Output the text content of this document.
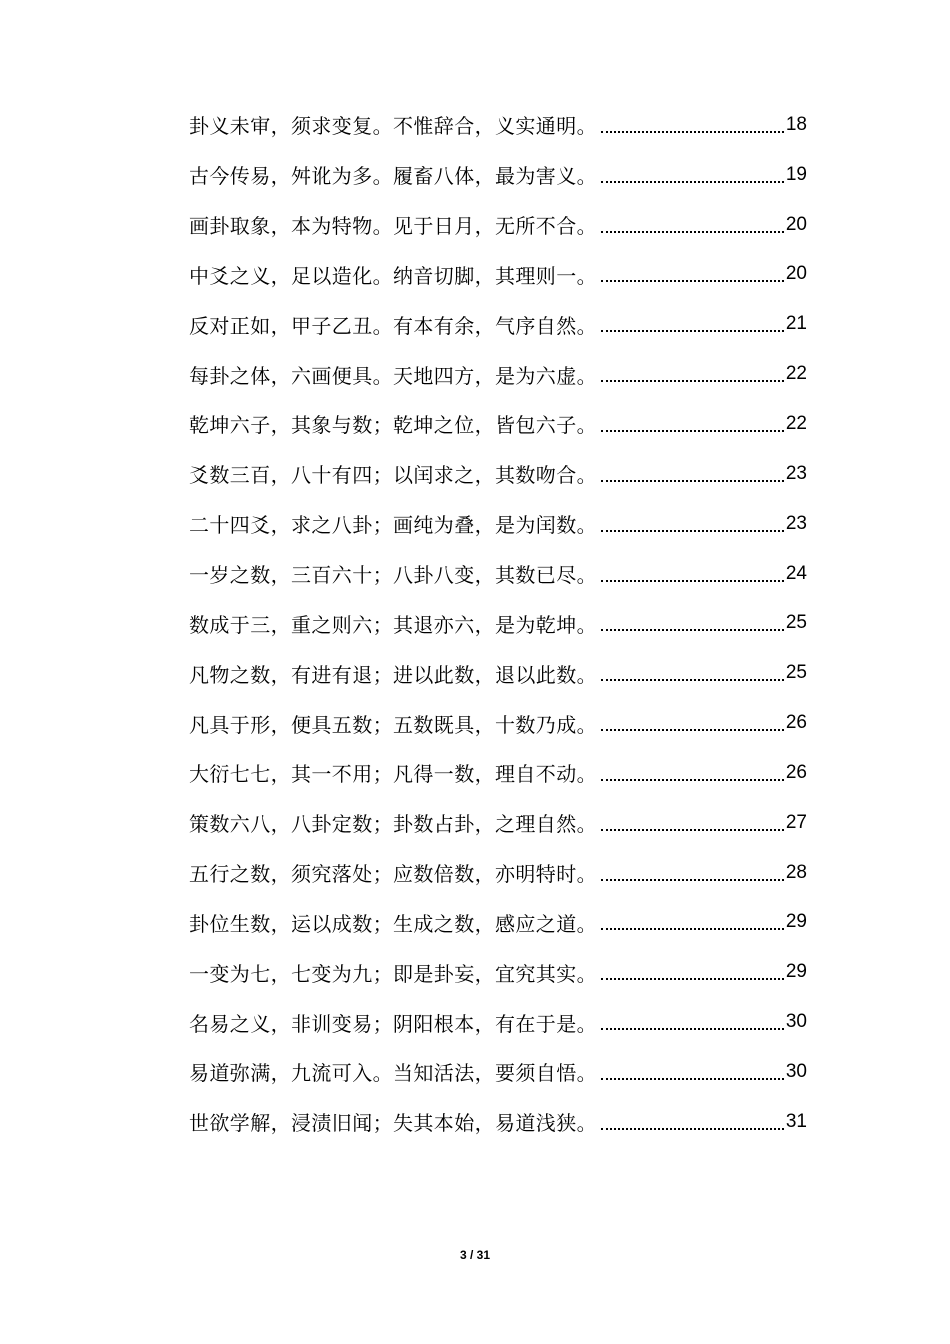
卦义未审，须求变复。不惟辞合，义实通明。	18
古今传易，舛讹为多。履畜八体，最为害义。	19
画卦取象，本为特物。见于日月，无所不合。	20
中爻之义，足以造化。纳音切脚，其理则一。	20
反对正如，甲子乙丑。有本有余，气序自然。	21
每卦之体，六画便具。天地四方，是为六虚。	22
乾坤六子，其象与数；乾坤之位，皆包六子。	22
爻数三百，八十有四；以闰求之，其数吻合。	23
二十四爻，求之八卦；画纯为叠，是为闰数。	23
一岁之数，三百六十；八卦八变，其数已尽。	24
数成于三，重之则六；其退亦六，是为乾坤。	25
凡物之数，有进有退；进以此数，退以此数。	25
凡具于形，便具五数；五数既具，十数乃成。	26
大衍七七，其一不用；凡得一数，理自不动。	26
策数六八，八卦定数；卦数占卦，之理自然。	27
五行之数，须究落处；应数倍数，亦明特时。	28
卦位生数，运以成数；生成之数，感应之道。	29
一变为七，七变为九；即是卦妄，宜究其实。	29
名易之义，非训变易；阴阳根本，有在于是。	30
易道弥满，九流可入。当知活法，要须自悟。	30
世欲学解，浸渍旧闻；失其本始，易道浅狭。	31
3 / 31
